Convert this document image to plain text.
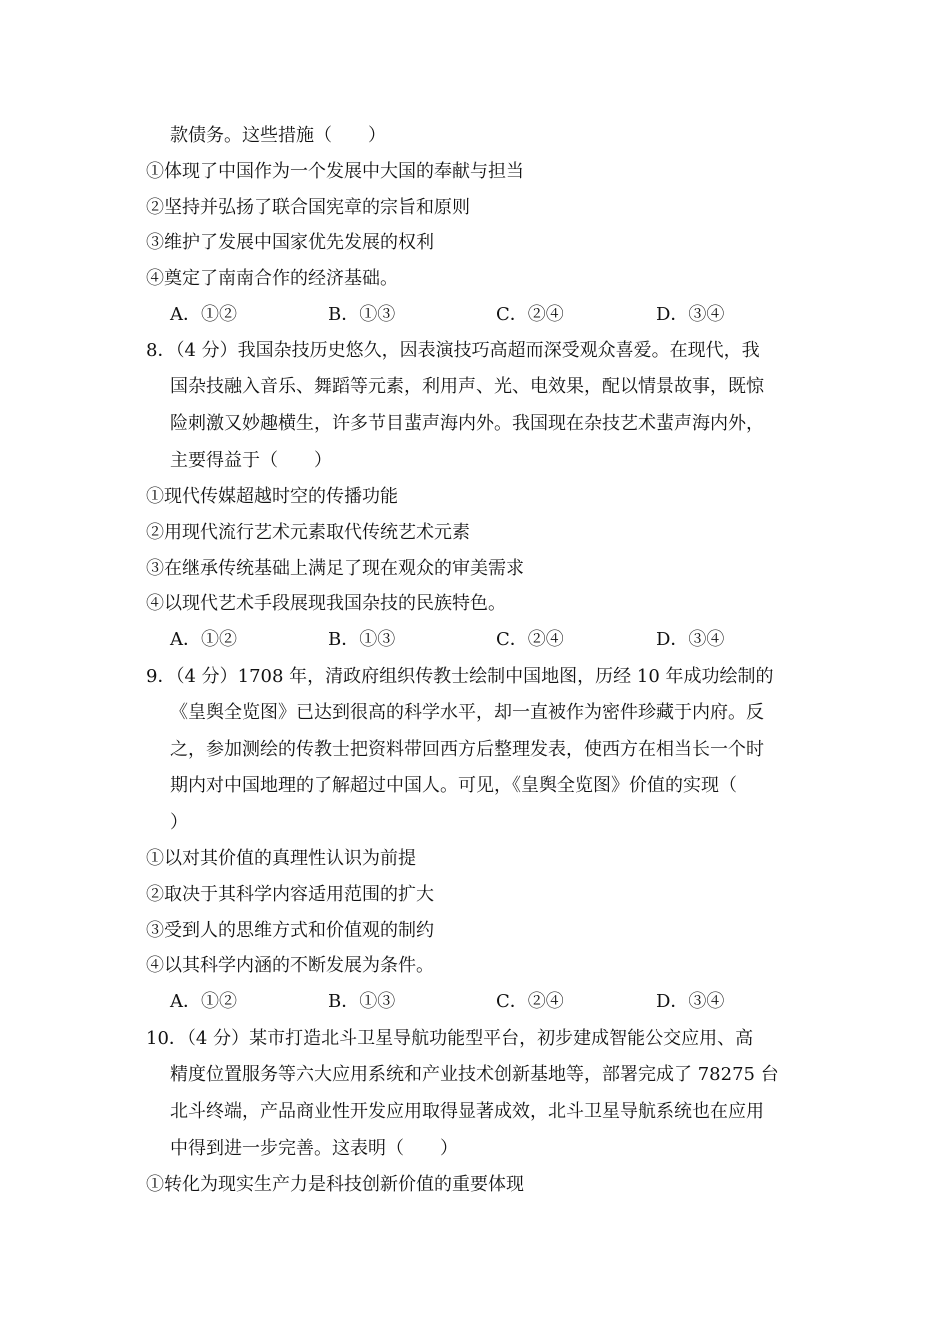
款债务。这些措施（　　）
①体现了中国作为一个发展中大国的奉献与担当
②坚持并弘扬了联合国宪章的宗旨和原则
③维护了发展中国家优先发展的权利
④奠定了南南合作的经济基础。
A．①②	B．①③	C．②④	D．③④
8．（4 分）我国杂技历史悠久，因表演技巧高超而深受观众喜爱。在现代，我
国杂技融入音乐、舞蹈等元素，利用声、光、电效果，配以情景故事，既惊
险刺激又妙趣横生，许多节目蜚声海内外。我国现在杂技艺术蜚声海内外，
主要得益于（　　）
①现代传媒超越时空的传播功能
②用现代流行艺术元素取代传统艺术元素
③在继承传统基础上满足了现在观众的审美需求
④以现代艺术手段展现我国杂技的民族特色。
A．①②	B．①③	C．②④	D．③④
9．（4 分）1708 年，清政府组织传教士绘制中国地图，历经 10 年成功绘制的
《皇舆全览图》已达到很高的科学水平，却一直被作为密件珍藏于内府。反
之，参加测绘的传教士把资料带回西方后整理发表，使西方在相当长一个时
期内对中国地理的了解超过中国人。可见，《皇舆全览图》价值的实现（
）
①以对其价值的真理性认识为前提
②取决于其科学内容适用范围的扩大
③受到人的思维方式和价值观的制约
④以其科学内涵的不断发展为条件。
A．①②	B．①③	C．②④	D．③④
10．（4 分）某市打造北斗卫星导航功能型平台，初步建成智能公交应用、高
精度位置服务等六大应用系统和产业技术创新基地等，部署完成了 78275 台
北斗终端，产品商业性开发应用取得显著成效，北斗卫星导航系统也在应用
中得到进一步完善。这表明（　　）
①转化为现实生产力是科技创新价值的重要体现
